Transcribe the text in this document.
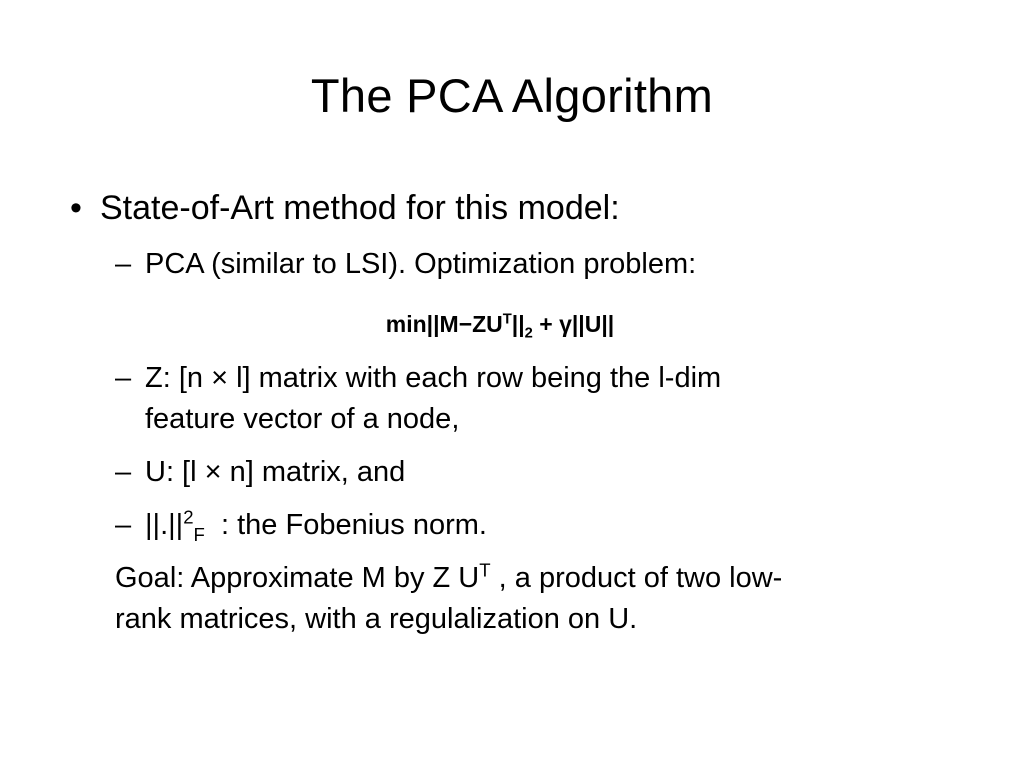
The PCA Algorithm
• State-of-Art method for this model:
– PCA (similar to LSI). Optimization problem:
$\min||M-ZU^T||_2 + \gamma||U||$
– Z: [n × l] matrix with each row being the l-dim
feature vector of a node,
– U: [l × n] matrix, and
– $||.||^2_F$  : the Fobenius norm.
Goal: Approximate M by Z $U^T$ , a product of two low-
rank matrices, with a regulalization on U.
